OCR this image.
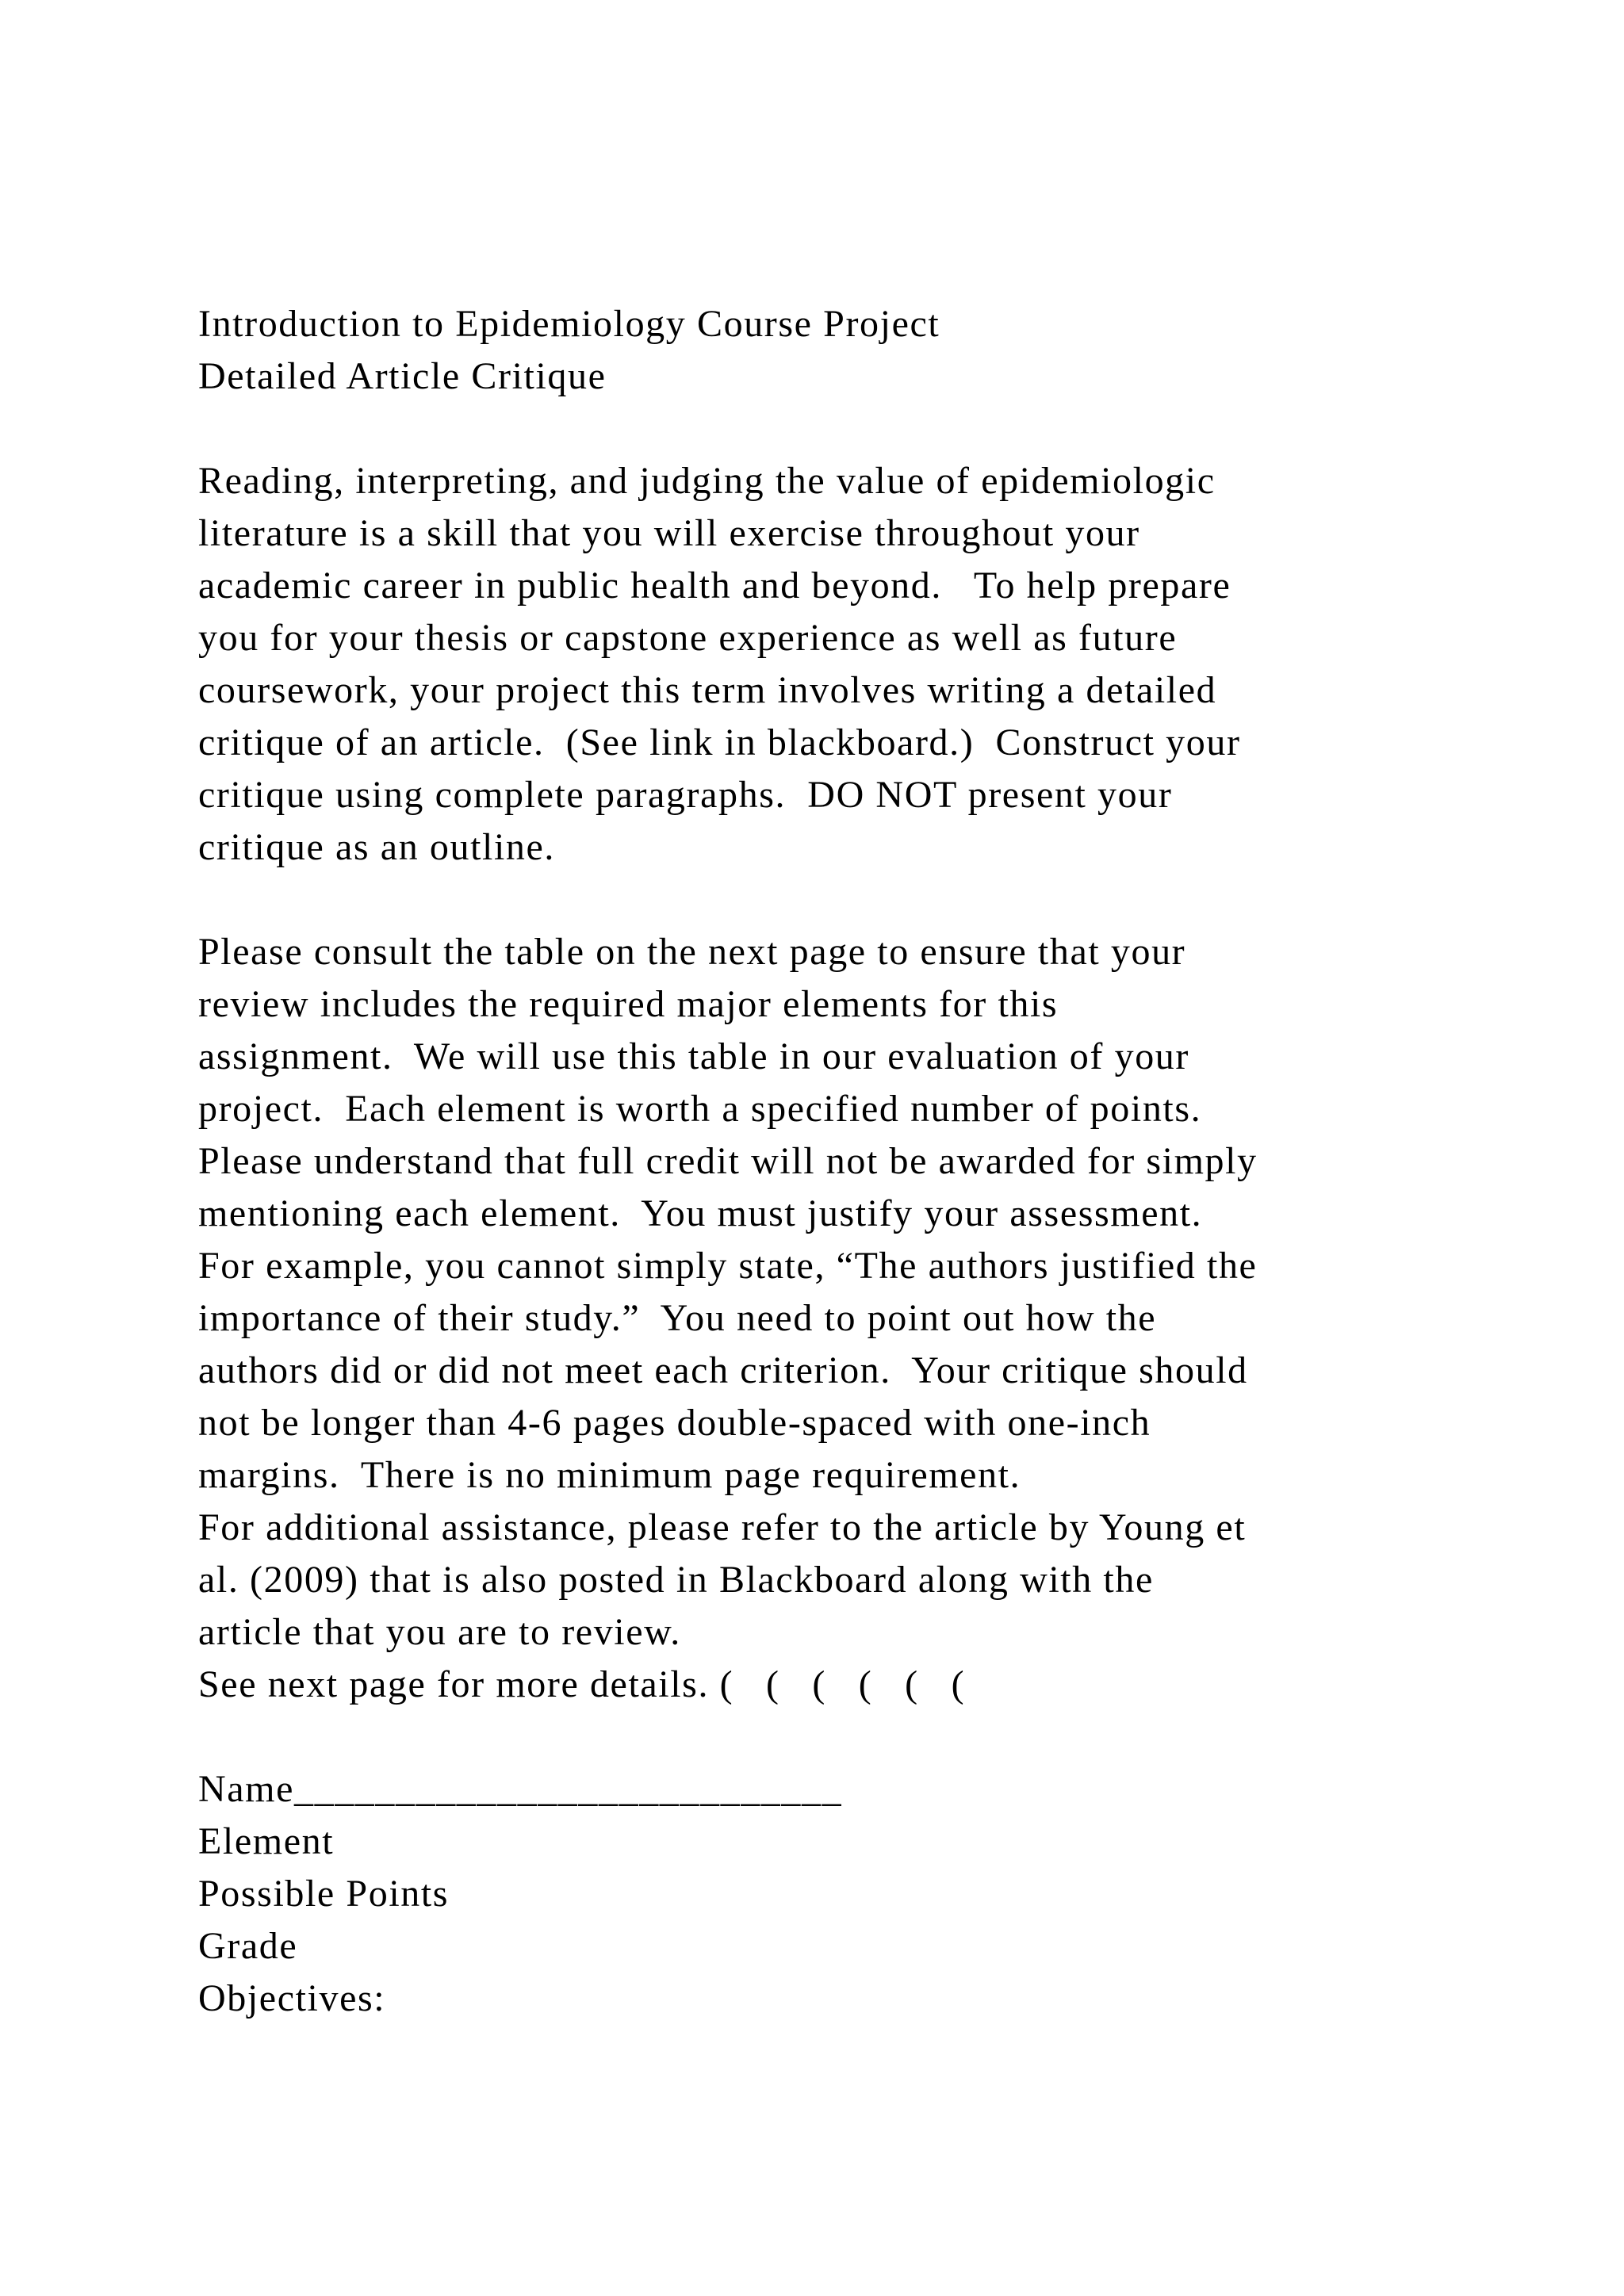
Introduction to Epidemiology Course Project
Detailed Article Critique
Reading, interpreting, and judging the value of epidemiologic
literature is a skill that you will exercise throughout your
academic career in public health and beyond.   To help prepare
you for your thesis or capstone experience as well as future
coursework, your project this term involves writing a detailed
critique of an article.  (See link in blackboard.)  Construct your
critique using complete paragraphs.  DO NOT present your
critique as an outline.
Please consult the table on the next page to ensure that your
review includes the required major elements for this
assignment.  We will use this table in our evaluation of your
project.  Each element is worth a specified number of points.
Please understand that full credit will not be awarded for simply
mentioning each element.  You must justify your assessment.
For example, you cannot simply state, “The authors justified the
importance of their study.”  You need to point out how the
authors did or did not meet each criterion.  Your critique should
not be longer than 4-6 pages double-spaced with one-inch
margins.  There is no minimum page requirement.
For additional assistance, please refer to the article by Young et
al. (2009) that is also posted in Blackboard along with the
article that you are to review.
See next page for more details. (   (   (   (   (   (
Name___________________________
Element
Possible Points
Grade
Objectives:
